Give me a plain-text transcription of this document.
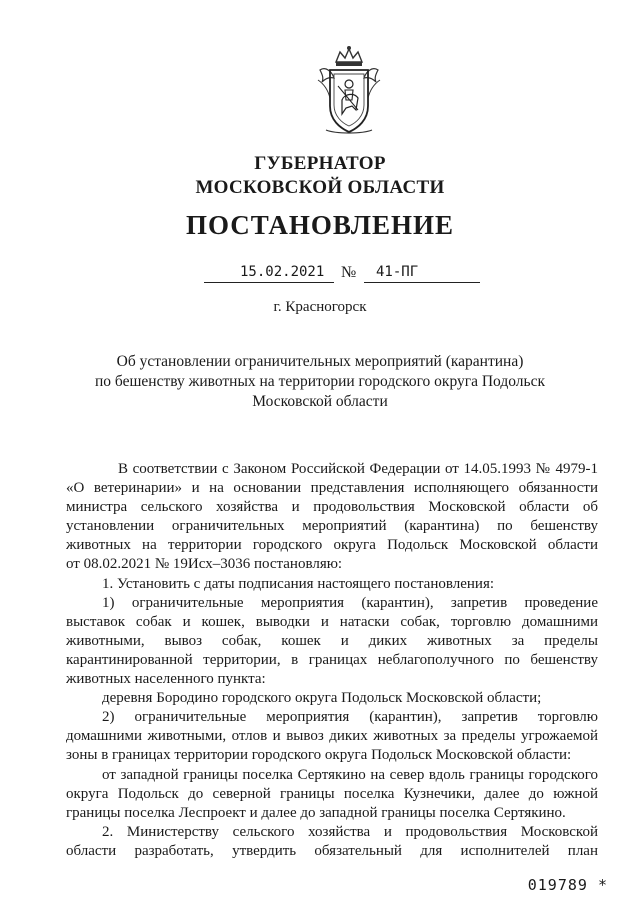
ГУБЕРНАТОР
МОСКОВСКОЙ ОБЛАСТИ
ПОСТАНОВЛЕНИЕ
15.02.2021 № 41-ПГ
г. Красногорск
Об установлении ограничительных мероприятий (карантина)
по бешенству животных на территории городского округа Подольск
Московской области
В соответствии с Законом Российской Федерации от 14.05.1993 № 4979-1
«О ветеринарии» и на основании представления исполняющего обязанности
министра сельского хозяйства и продовольствия Московской области об
установлении ограничительных мероприятий (карантина) по бешенству
животных на территории городского округа Подольск Московской области
от 08.02.2021 № 19Исх–3036 постановляю:
1. Установить с даты подписания настоящего постановления:
1) ограничительные мероприятия (карантин), запретив проведение
выставок собак и кошек, выводки и натаски собак, торговлю домашними
животными, вывоз собак, кошек и диких животных за пределы
карантинированной территории, в границах неблагополучного по бешенству
животных населенного пункта:
деревня Бородино городского округа Подольск Московской области;
2) ограничительные мероприятия (карантин), запретив торговлю
домашними животными, отлов и вывоз диких животных за пределы угрожаемой
зоны в границах территории городского округа Подольск Московской области:
от западной границы поселка Сертякино на север вдоль границы городского
округа Подольск до северной границы поселка Кузнечики, далее до южной
границы поселка Леспроект и далее до западной границы поселка Сертякино.
2. Министерству сельского хозяйства и продовольствия Московской
области разработать, утвердить обязательный для исполнителей план
019789 *
